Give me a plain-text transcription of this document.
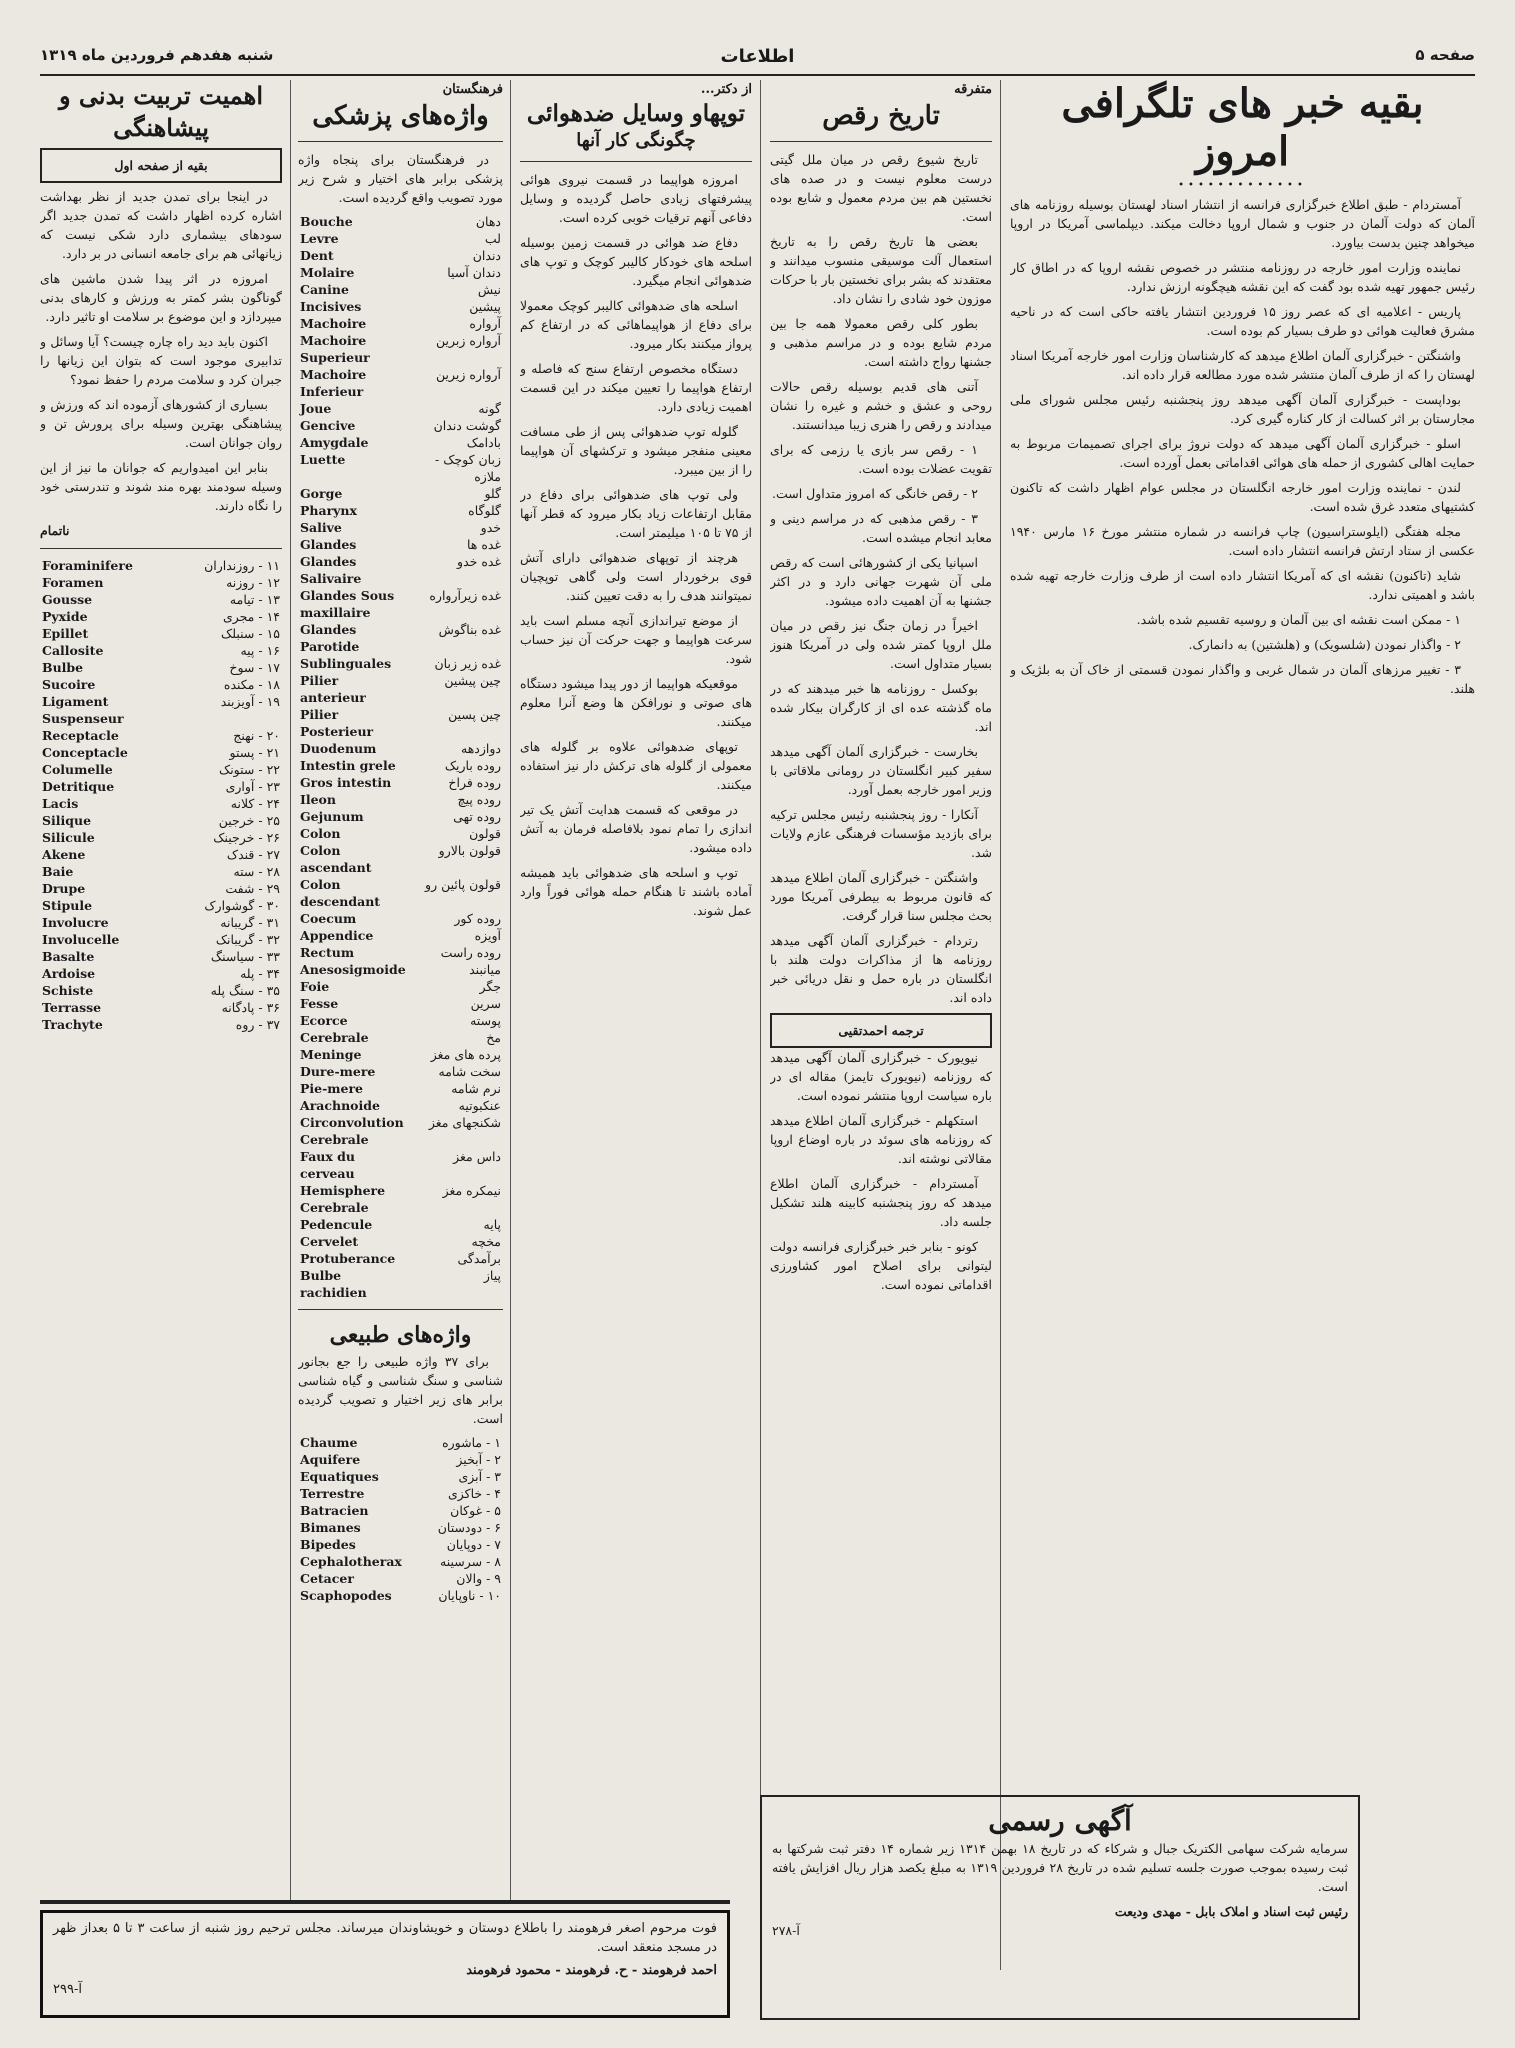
صفحه ۵
اطلاعات
شنبه هفدهم فروردین ماه ۱۳۱۹
بقیه خبر های تلگرافی امروز
•••••••••••••

آمستردام - طبق اطلاع خبرگزاری فرانسه از انتشار اسناد لهستان بوسیله روزنامه های آلمان که دولت آلمان در جنوب و شمال اروپا دخالت میکند. دیپلماسی آمریکا در اروپا میخواهد چنین بدست بیاورد.

نماینده وزارت امور خارجه در روزنامه منتشر در خصوص نقشه اروپا که در اطاق کار رئیس جمهور تهیه شده بود گفت که این نقشه هیچگونه ارزش ندارد.

پاریس - اعلامیه ای که عصر روز ۱۵ فروردین انتشار یافته حاکی است که در ناحیه مشرق فعالیت هوائی دو طرف بسیار کم بوده است.

واشنگتن - خبرگزاری آلمان اطلاع میدهد که کارشناسان وزارت امور خارجه آمریکا اسناد لهستان را که از طرف آلمان منتشر شده مورد مطالعه قرار داده اند.

بوداپست - خبرگزاری آلمان آگهی میدهد روز پنجشنبه رئیس مجلس شورای ملی مجارستان بر اثر کسالت از کار کناره گیری کرد.

اسلو - خبرگزاری آلمان آگهی میدهد که دولت نروژ برای اجرای تصمیمات مربوط به حمایت اهالی کشوری از حمله های هوائی اقداماتی بعمل آورده است.

لندن - نماینده وزارت امور خارجه انگلستان در مجلس عوام اظهار داشت که تاکنون کشتیهای متعدد غرق شده است.

مجله هفتگی (ایلوستراسیون) چاپ فرانسه در شماره منتشر مورخ ۱۶ مارس ۱۹۴۰ عکسی از ستاد ارتش فرانسه انتشار داده است.

شاید (تاکنون) نقشه ای که آمریکا انتشار داده است از طرف وزارت خارجه تهیه شده باشد و اهمیتی ندارد.

۱ - ممکن است نقشه ای بین آلمان و روسیه تقسیم شده باشد.

۲ - واگذار نمودن (شلسویک) و (هلشتین) به دانمارک.

۳ - تغییر مرزهای آلمان در شمال غربی و واگذار نمودن قسمتی از خاک آن به بلژیک و هلند.

متفرقه
تاریخ رقص

تاریخ شیوع رقص در میان ملل گیتی درست معلوم نیست و در صده های نخستین هم بین مردم معمول و شایع بوده است.

بعضی ها تاریخ رقص را به تاریخ استعمال آلت موسیقی منسوب میدانند و معتقدند که بشر برای نخستین بار با حرکات موزون خود شادی را نشان داد.

بطور کلی رقص معمولا همه جا بین مردم شایع بوده و در مراسم مذهبی و جشنها رواج داشته است.

آتنی های قدیم بوسیله رقص حالات روحی و عشق و خشم و غیره را نشان میدادند و رقص را هنری زیبا میدانستند.

۱ - رقص سر بازی یا رزمی که برای تقویت عضلات بوده است.

۲ - رقص خانگی که امروز متداول است.

۳ - رقص مذهبی که در مراسم دینی و معابد انجام میشده است.

اسپانیا یکی از کشورهائی است که رقص ملی آن شهرت جهانی دارد و در اکثر جشنها به آن اهمیت داده میشود.

اخیراً در زمان جنگ نیز رقص در میان ملل اروپا کمتر شده ولی در آمریکا هنوز بسیار متداول است.

بوکسل - روزنامه ها خبر میدهند که در ماه گذشته عده ای از کارگران بیکار شده اند.

بخارست - خبرگزاری آلمان آگهی میدهد سفیر کبیر انگلستان در رومانی ملاقاتی با وزیر امور خارجه بعمل آورد.

آنکارا - روز پنجشنبه رئیس مجلس ترکیه برای بازدید مؤسسات فرهنگی عازم ولایات شد.

واشنگتن - خبرگزاری آلمان اطلاع میدهد که قانون مربوط به بیطرفی آمریکا مورد بحث مجلس سنا قرار گرفت.

رتردام - خبرگزاری آلمان آگهی میدهد روزنامه ها از مذاکرات دولت هلند با انگلستان در باره حمل و نقل دریائی خبر داده اند.

ترجمه احمدتقیی

نیویورک - خبرگزاری آلمان آگهی میدهد که روزنامه (نیویورک تایمز) مقاله ای در باره سیاست اروپا منتشر نموده است.

استکهلم - خبرگزاری آلمان اطلاع میدهد که روزنامه های سوئد در باره اوضاع اروپا مقالاتی نوشته اند.

آمستردام - خبرگزاری آلمان اطلاع میدهد که روز پنجشنبه کابینه هلند تشکیل جلسه داد.

کونو - بنابر خبر خبرگزاری فرانسه دولت لیتوانی برای اصلاح امور کشاورزی اقداماتی نموده است.

از دکتر...
توپهاو وسایل ضدهوائی
چگونگی کار آنها

امروزه هواپیما در قسمت نیروی هوائی پیشرفتهای زیادی حاصل گردیده و وسایل دفاعی آنهم ترقیات خوبی کرده است.

دفاع ضد هوائی در قسمت زمین بوسیله اسلحه های خودکار کالیبر کوچک و توپ های ضدهوائی انجام میگیرد.

اسلحه های ضدهوائی کالیبر کوچک معمولا برای دفاع از هواپیماهائی که در ارتفاع کم پرواز میکنند بکار میرود.

دستگاه مخصوص ارتفاع سنج که فاصله و ارتفاع هواپیما را تعیین میکند در این قسمت اهمیت زیادی دارد.

گلوله توپ ضدهوائی پس از طی مسافت معینی منفجر میشود و ترکشهای آن هواپیما را از بین میبرد.

ولی توپ های ضدهوائی برای دفاع در مقابل ارتفاعات زیاد بکار میرود که قطر آنها از ۷۵ تا ۱۰۵ میلیمتر است.

هرچند از توپهای ضدهوائی دارای آتش قوی برخوردار است ولی گاهی توپچیان نمیتوانند هدف را به دقت تعیین کنند.

از موضع تیراندازی آنچه مسلم است باید سرعت هواپیما و جهت حرکت آن نیز حساب شود.

موقعیکه هواپیما از دور پیدا میشود دستگاه های صوتی و نورافکن ها وضع آنرا معلوم میکنند.

توپهای ضدهوائی علاوه بر گلوله های معمولی از گلوله های ترکش دار نیز استفاده میکنند.

در موقعی که قسمت هدایت آتش یک تیر اندازی را تمام نمود بلافاصله فرمان به آتش داده میشود.

توپ و اسلحه های ضدهوائی باید همیشه آماده باشند تا هنگام حمله هوائی فوراً وارد عمل شوند.

فرهنگستان
واژه‌های پزشکی

در فرهنگستان برای پنجاه واژه پزشکی برابر های اختیار و شرح زیر مورد تصویب واقع گردیده است.

Bouche	دهان
Levre	لب
Dent	دندان
Molaire	دندان آسیا
Canine	نیش
Incisives	پیشین
Machoire	آرواره
Machoire Superieur	آرواره زبرین
Machoire Inferieur	آرواره زیرین
Joue	گونه
Gencive	گوشت دندان
Amygdale	بادامک
Luette	زبان کوچک - ملازه
Gorge	گلو
Pharynx	گلوگاه
Salive	خدو
Glandes	غده ها
Glandes Salivaire	غده خدو
Glandes Sous maxillaire	غده زیرآرواره
Glandes Parotide	غده بناگوش
Sublinguales	غده زیر زبان
Pilier anterieur	چین پیشین
Pilier Posterieur	چین پسین
Duodenum	دوازدهه
Intestin grele	روده باریک
Gros intestin	روده فراخ
Ileon	روده پیچ
Gejunum	روده تهی
Colon	قولون
Colon ascendant	قولون بالارو
Colon descendant	قولون پائین رو
Coecum	روده کور
Appendice	آویزه
Rectum	روده راست
Anesosigmoide	میانبند
Foie	جگر
Fesse	سرین
Ecorce	پوسته
Cerebrale	مخ
Meninge	پرده های مغز
Dure-mere	سخت شامه
Pie-mere	نرم شامه
Arachnoide	عنکبوتیه
Circonvolution Cerebrale	شکنجهای مغز
Faux du cerveau	داس مغز
Hemisphere Cerebrale	نیمکره مغز
Pedencule	پایه
Cervelet	مخچه
Protuberance	برآمدگی
Bulbe rachidien	پیاز
واژه‌های طبیعی

برای ۳۷ واژه طبیعی را جع بجانور شناسی و سنگ شناسی و گیاه شناسی برابر های زیر اختیار و تصویب گردیده است.

Chaume	۱ - ماشوره
Aquifere	۲ - آبخیز
Equatiques	۳ - آبزی
Terrestre	۴ - خاکزی
Batracien	۵ - غوکان
Bimanes	۶ - دودستان
Bipedes	۷ - دوپایان
Cephalotherax	۸ - سرسینه
Cetacer	۹ - والان
Scaphopodes	۱۰ - ناوپایان
اهمیت تربیت بدنی و پیشاهنگی
بقیه از صفحه اول

در اینجا برای تمدن جدید از نظر بهداشت اشاره کرده اظهار داشت که تمدن جدید اگر سودهای بیشماری دارد شکی نیست که زیانهائی هم برای جامعه انسانی در بر دارد.

امروزه در اثر پیدا شدن ماشین های گوناگون بشر کمتر به ورزش و کارهای بدنی میپردازد و این موضوع بر سلامت او تاثیر دارد.

اکنون باید دید راه چاره چیست؟ آیا وسائل و تدابیری موجود است که بتوان این زیانها را جبران کرد و سلامت مردم را حفظ نمود؟

بسیاری از کشورهای آزموده اند که ورزش و پیشاهنگی بهترین وسیله برای پرورش تن و روان جوانان است.

بنابر این امیدواریم که جوانان ما نیز از این وسیله سودمند بهره مند شوند و تندرستی خود را نگاه دارند.

ناتمام
Foraminifere	۱۱ - روزنداران
Foramen	۱۲ - روزنه
Gousse	۱۳ - تیامه
Pyxide	۱۴ - مجری
Epillet	۱۵ - سنبلک
Callosite	۱۶ - پیه
Bulbe	۱۷ - سوخ
Sucoire	۱۸ - مکنده
Ligament Suspenseur	۱۹ - آویزبند
Receptacle	۲۰ - نهنج
Conceptacle	۲۱ - پستو
Columelle	۲۲ - ستونک
Detritique	۲۳ - آواری
Lacis	۲۴ - کلانه
Silique	۲۵ - خرجین
Silicule	۲۶ - خرجینک
Akene	۲۷ - قندک
Baie	۲۸ - سته
Drupe	۲۹ - شفت
Stipule	۳۰ - گوشوارک
Involucre	۳۱ - گریبانه
Involucelle	۳۲ - گریبانک
Basalte	۳۳ - سیاسنگ
Ardoise	۳۴ - پله
Schiste	۳۵ - سنگ پله
Terrasse	۳۶ - پادگانه
Trachyte	۳۷ - روه
فوت مرحوم اصغر فرهومند را باطلاع دوستان و خویشاوندان میرساند. مجلس ترحیم روز شنبه از ساعت ۳ تا ۵ بعداز ظهر در مسجد منعقد است.
احمد فرهومند - ح. فرهومند - محمود فرهومند
آ-۲۹۹
آگهی رسمی
سرمایه شرکت سهامی الکتریک جبال و شرکاء که در تاریخ ۱۸ بهمن ۱۳۱۴ زیر شماره ۱۴ دفتر ثبت شرکتها به ثبت رسیده بموجب صورت جلسه تسلیم شده در تاریخ ۲۸ فروردین ۱۳۱۹ به مبلغ یکصد هزار ریال افزایش یافته است.
رئیس ثبت اسناد و املاک بابل - مهدی ودیعت
آ-۲۷۸
